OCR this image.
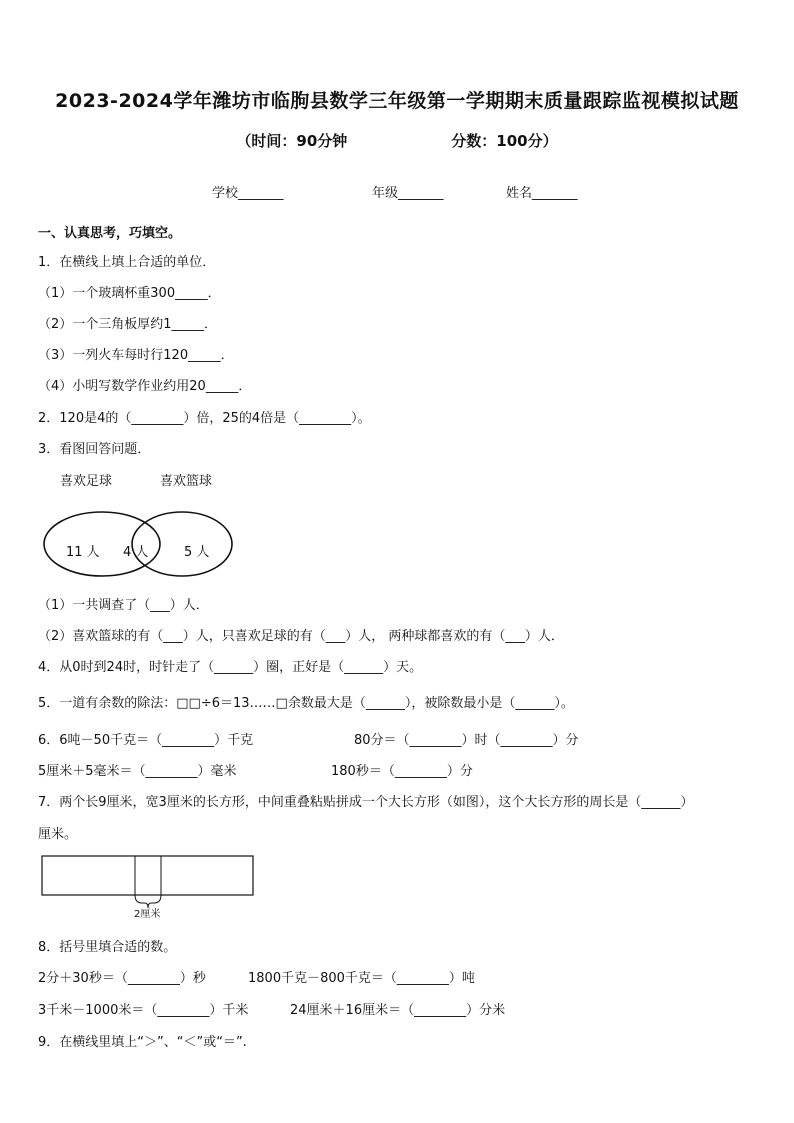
2023-2024学年潍坊市临朐县数学三年级第一学期期末质量跟踪监视模拟试题
（时间：90分钟	分数：100分）
学校_______	年级_______	姓名_______
一、认真思考，巧填空。
1．在横线上填上合适的单位．
（1）一个玻璃杯重300_____．
（2）一个三角板厚约1_____．
（3）一列火车每时行120_____．
（4）小明写数学作业约用20_____．
2．120是4的（________）倍，25的4倍是（________）。
3．看图回答问题．
喜欢足球	喜欢篮球
11 人 4 人	5 人
（1）一共调查了（___）人．
（2）喜欢篮球的有（___）人，只喜欢足球的有（___）人， 两种球都喜欢的有（___）人．
4．从0时到24时，时针走了（______）圈，正好是（______）天。
5．一道有余数的除法：□□÷6＝13……□余数最大是（______），被除数最小是（______）。
6．6吨－50千克＝（________）千克	80分＝（________）时（________）分
5厘米＋5毫米＝（________）毫米	180秒＝（________）分
7．两个长9厘米，宽3厘米的长方形，中间重叠粘贴拼成一个大长方形（如图），这个大长方形的周长是（______）
厘米。
2厘米
8．括号里填合适的数。
2分＋30秒＝（________）秒	1800千克－800千克＝（________）吨
3千米－1000米＝（________）千米	24厘米＋16厘米＝（________）分米
9．在横线里填上“＞”、“＜”或“＝”.
